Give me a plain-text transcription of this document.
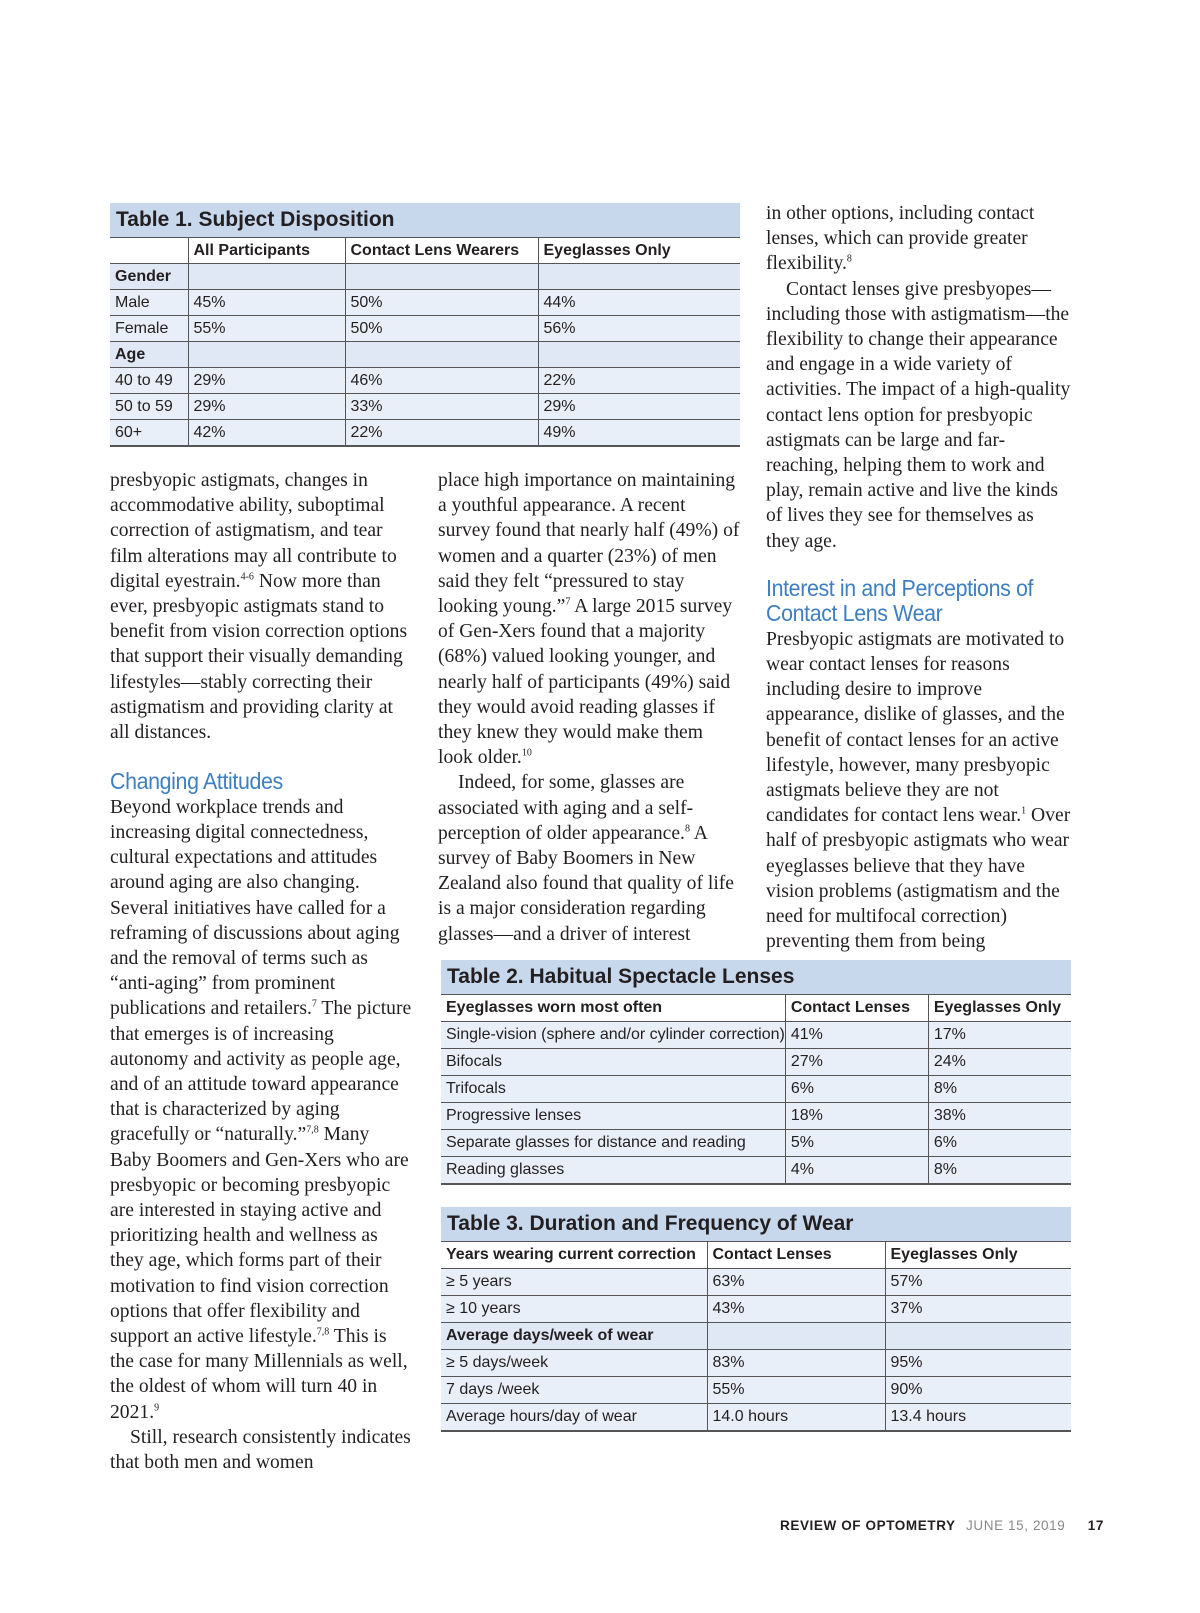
Table 1. Subject Disposition			
	All Participants	Contact Lens Wearers	Eyeglasses Only
Gender			
Male	45%	50%	44%
Female	55%	50%	56%
Age			
40 to 49	29%	46%	22%
50 to 59	29%	33%	29%
60+	42%	22%	49%
Table 2. Habitual Spectacle Lenses		
Eyeglasses worn most often	Contact Lenses	Eyeglasses Only
Single-vision (sphere and/or cylinder correction)	41%	17%
Bifocals	27%	24%
Trifocals	6%	8%
Progressive lenses	18%	38%
Separate glasses for distance and reading	5%	6%
Reading glasses	4%	8%
Table 3. Duration and Frequency of Wear		
Years wearing current correction	Contact Lenses	Eyeglasses Only
≥ 5 years	63%	57%
≥ 10 years	43%	37%
Average days/week of wear		
≥ 5 days/week	83%	95%
7 days /week	55%	90%
Average hours/day of wear	14.0 hours	13.4 hours

presbyopic astigmats, changes in accommodative ability, suboptimal correction of astigmatism, and tear film alterations may all contribute to digital eyestrain.$^{4-6}$ Now more than ever, presbyopic astigmats stand to benefit from vision correction options that support their visually demanding lifestyles—stably correcting their astigmatism and providing clarity at all distances.

Changing Attitudes

Beyond workplace trends and increasing digital connectedness, cultural expectations and attitudes around aging are also changing. Several initiatives have called for a reframing of discussions about aging and the removal of terms such as “anti-aging” from prominent publications and retailers.$^7$ The picture that emerges is of increasing autonomy and activity as people age, and of an attitude toward appearance that is characterized by aging gracefully or “naturally.”$^{7,8}$ Many Baby Boomers and Gen-Xers who are presbyopic or becoming presbyopic are interested in staying active and prioritizing health and wellness as they age, which forms part of their motivation to find vision correction options that offer flexibility and support an active lifestyle.$^{7,8}$ This is the case for many Millennials as well, the oldest of whom will turn 40 in 2021.$^9$

Still, research consistently indicates that both men and women

place high importance on maintaining a youthful appearance. A recent survey found that nearly half (49%) of women and a quarter (23%) of men said they felt “pressured to stay looking young.”$^7$ A large 2015 survey of Gen-Xers found that a majority (68%) valued looking younger, and nearly half of participants (49%) said they would avoid reading glasses if they knew they would make them look older.$^{10}$

Indeed, for some, glasses are associated with aging and a self-perception of older appearance.$^8$ A survey of Baby Boomers in New Zealand also found that quality of life is a major consideration regarding glasses—and a driver of interest

in other options, including contact lenses, which can provide greater flexibility.$^8$

Contact lenses give presbyopes—including those with astigmatism—the flexibility to change their appearance and engage in a wide variety of activities. The impact of a high-quality contact lens option for presbyopic astigmats can be large and far-reaching, helping them to work and play, remain active and live the kinds of lives they see for themselves as they age.

Interest in and Perceptions of Contact Lens Wear

Presbyopic astigmats are motivated to wear contact lenses for reasons including desire to improve appearance, dislike of glasses, and the benefit of contact lenses for an active lifestyle, however, many presbyopic astigmats believe they are not candidates for contact lens wear.$^1$ Over half of presbyopic astigmats who wear eyeglasses believe that they have vision problems (astigmatism and the need for multifocal correction) preventing them from being

REVIEW OF OPTOMETRY JUNE 15, 2019 17
